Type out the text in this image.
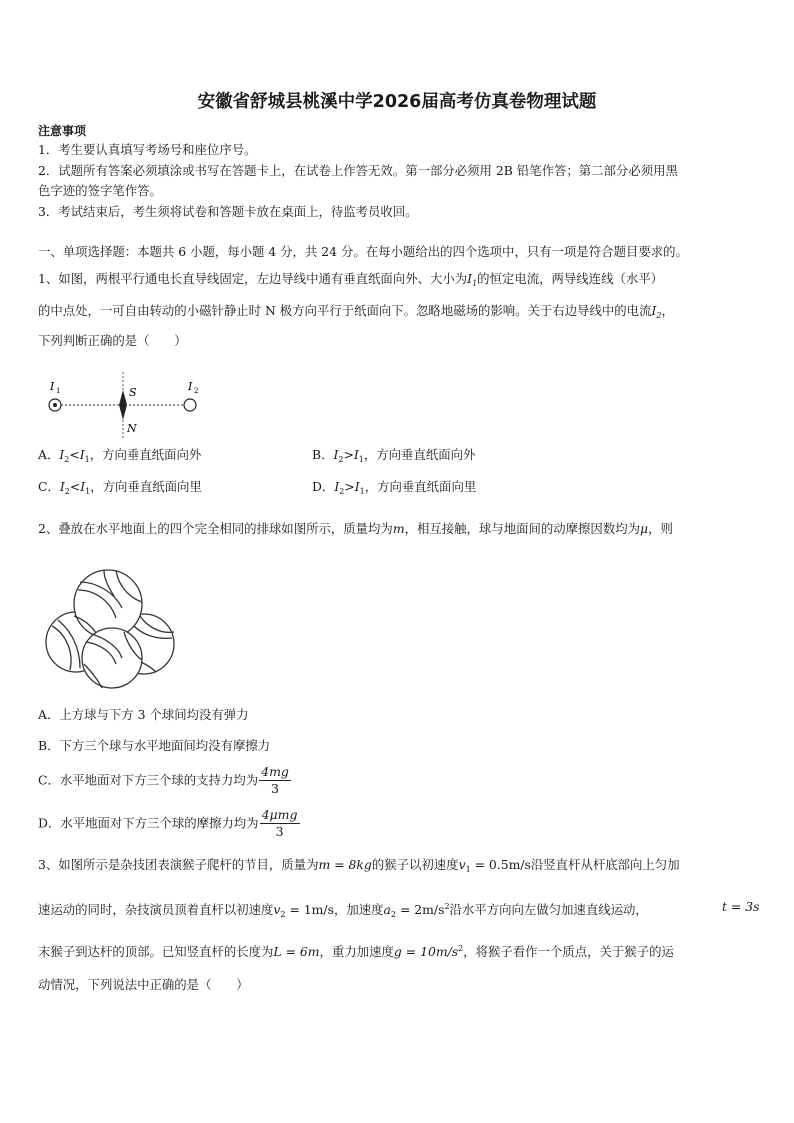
安徽省舒城县桃溪中学2026届高考仿真卷物理试题
注意事项
1．考生要认真填写考场号和座位序号。
2．试题所有答案必须填涂或书写在答题卡上，在试卷上作答无效。第一部分必须用 2B 铅笔作答；第二部分必须用黑
色字迹的签字笔作答。
3．考试结束后，考生须将试卷和答题卡放在桌面上，待监考员收回。
一、单项选择题：本题共 6 小题，每小题 4 分，共 24 分。在每小题给出的四个选项中，只有一项是符合题目要求的。
1、如图，两根平行通电长直导线固定，左边导线中通有垂直纸面向外、大小为$I_1$的恒定电流，两导线连线（水平）
的中点处，一可自由转动的小磁针静止时 N 极方向平行于纸面向下。忽略地磁场的影响。关于右边导线中的电流$I_2$，
下列判断正确的是（　　）
I 1	I 2
S
N
A．$I_2<I_1$，方向垂直纸面向外	B．$I_2>I_1$，方向垂直纸面向外
C．$I_2<I_1$，方向垂直纸面向里	D．$I_2>I_1$，方向垂直纸面向里
2、叠放在水平地面上的四个完全相同的排球如图所示，质量均为m，相互接触，球与地面间的动摩擦因数均为μ，则
A．上方球与下方 3 个球间均没有弹力
B．下方三个球与水平地面间均没有摩擦力
C．水平地面对下方三个球的支持力均为 $\frac{4mg}{3}$
D．水平地面对下方三个球的摩擦力均为 $\frac{\text{4μmg}}{3}$
3、如图所示是杂技团表演猴子爬杆的节目，质量为m = 8kg的猴子以初速度$v_1 = 0.5m/s$沿竖直杆从杆底部向上匀加
速运动的同时，杂技演员顶着直杆以初速度$v_2 = 1m/s$，加速度$a_2 = 2m/s^2$沿水平方向向左做匀加速直线运动，	t = 3s
末猴子到达杆的顶部。已知竖直杆的长度为L = 6m，重力加速度$g = 10m/s^2$，将猴子看作一个质点，关于猴子的运
动情况，下列说法中正确的是（　　）
